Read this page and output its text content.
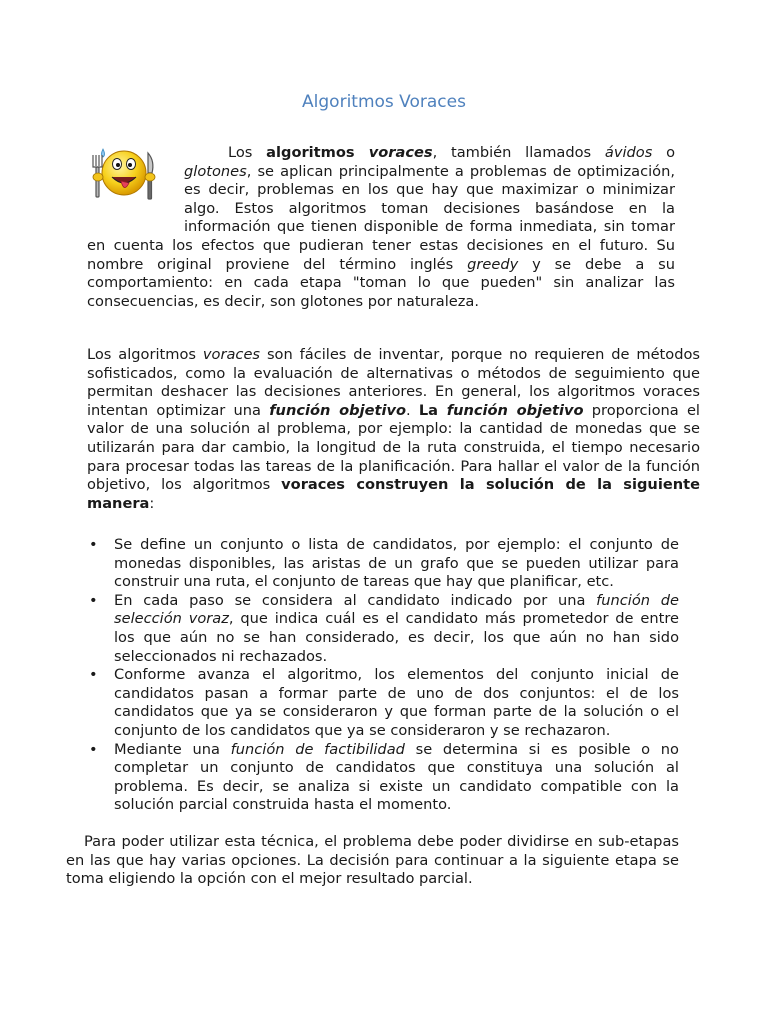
Algoritmos Voraces

Los algoritmos voraces, también llamados ávidos o glotones, se aplican principalmente a problemas de optimización, es decir, problemas en los que hay que maximizar o minimizar algo. Estos algoritmos toman decisiones basándose en la información que tienen disponible de forma inmediata, sin tomar en cuenta los efectos que pudieran tener estas decisiones en el futuro. Su nombre original proviene del término inglés greedy y se debe a su comportamiento: en cada etapa "toman lo que pueden" sin analizar las consecuencias, es decir, son glotones por naturaleza.

Los algoritmos voraces son fáciles de inventar, porque no requieren de métodos sofisticados, como la evaluación de alternativas o métodos de seguimiento que permitan deshacer las decisiones anteriores. En general, los algoritmos voraces intentan optimizar una función objetivo. La función objetivo proporciona el valor de una solución al problema, por ejemplo: la cantidad de monedas que se utilizarán para dar cambio, la longitud de la ruta construida, el tiempo necesario para procesar todas las tareas de la planificación. Para hallar el valor de la función objetivo, los algoritmos voraces construyen la solución de la siguiente manera:

• Se define un conjunto o lista de candidatos, por ejemplo: el conjunto de monedas disponibles, las aristas de un grafo que se pueden utilizar para construir una ruta, el conjunto de tareas que hay que planificar, etc.
• En cada paso se considera al candidato indicado por una función de selección voraz, que indica cuál es el candidato más prometedor de entre los que aún no se han considerado, es decir, los que aún no han sido seleccionados ni rechazados.
• Conforme avanza el algoritmo, los elementos del conjunto inicial de candidatos pasan a formar parte de uno de dos conjuntos: el de los candidatos que ya se consideraron y que forman parte de la solución o el conjunto de los candidatos que ya se consideraron y se rechazaron.
• Mediante una función de factibilidad se determina si es posible o no completar un conjunto de candidatos que constituya una solución al problema. Es decir, se analiza si existe un candidato compatible con la solución parcial construida hasta el momento.

Para poder utilizar esta técnica, el problema debe poder dividirse en sub-etapas en las que hay varias opciones. La decisión para continuar a la siguiente etapa se toma eligiendo la opción con el mejor resultado parcial.
